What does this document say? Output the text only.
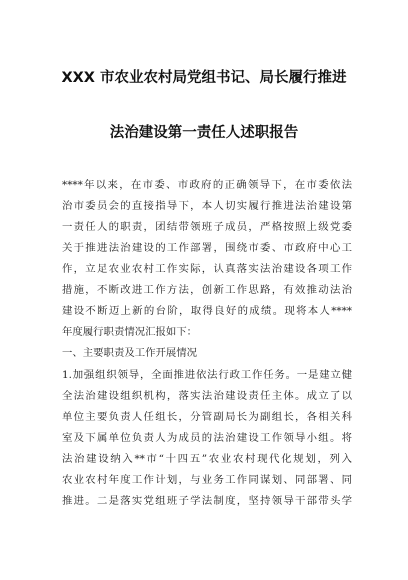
XXX 市农业农村局党组书记、局长履行推进
法治建设第一责任人述职报告
****年以来，在市委、市政府的正确领导下，在市委依法
治市委员会的直接指导下，本人切实履行推进法治建设第
一责任人的职责，团结带领班子成员，严格按照上级党委
关于推进法治建设的工作部署，围绕市委、市政府中心工
作，立足农业农村工作实际，认真落实法治建设各项工作
措施，不断改进工作方法，创新工作思路，有效推动法治
建设不断迈上新的台阶，取得良好的成绩。现将本人****
年度履行职责情况汇报如下：
一、主要职责及工作开展情况
1.加强组织领导，全面推进依法行政工作任务。一是建立健
全法治建设组织机构，落实法治建设责任主体。成立了以
单位主要负责人任组长，分管副局长为副组长，各相关科
室及下属单位负责人为成员的法治建设工作领导小组。将
法治建设纳入**市“十四五”农业农村现代化规划，列入
农业农村年度工作计划，与业务工作同谋划、同部署、同
推进。二是落实党组班子学法制度，坚持领导干部带头学
